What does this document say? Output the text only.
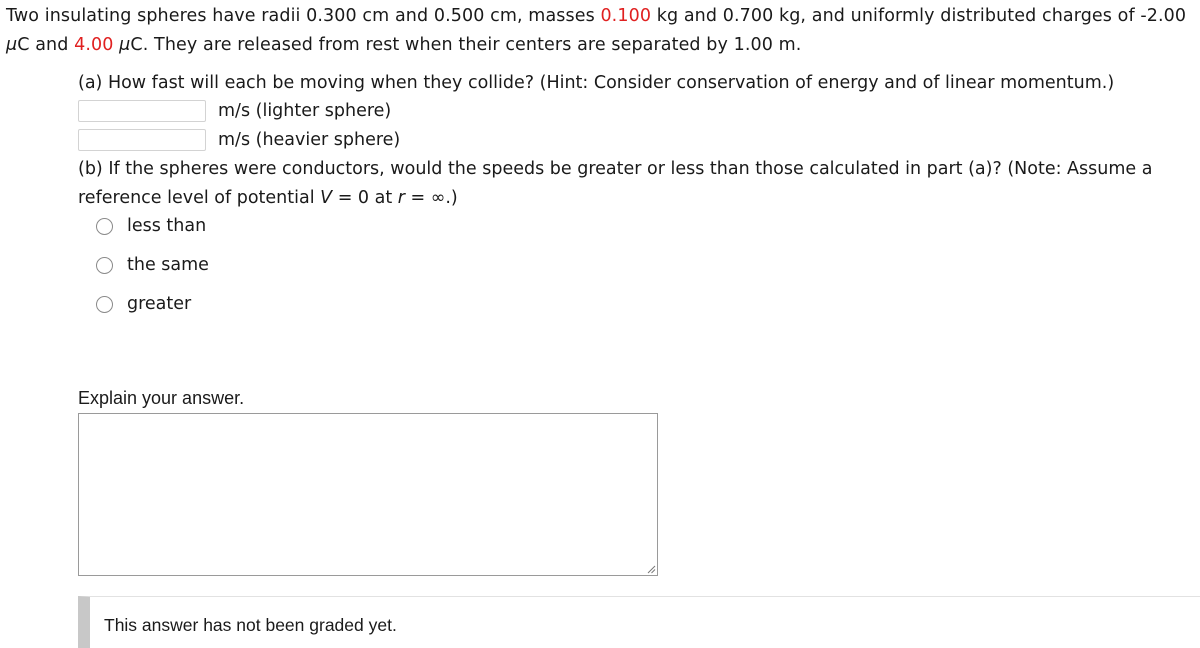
Two insulating spheres have radii 0.300 cm and 0.500 cm, masses 0.100 kg and 0.700 kg, and uniformly distributed charges of -2.00 μC and 4.00 μC. They are released from rest when their centers are separated by 1.00 m.
(a) How fast will each be moving when they collide? (Hint: Consider conservation of energy and of linear momentum.)
m/s (lighter sphere)
m/s (heavier sphere)
(b) If the spheres were conductors, would the speeds be greater or less than those calculated in part (a)? (Note: Assume a reference level of potential V = 0 at r = ∞.)
less than
the same
greater
Explain your answer.
This answer has not been graded yet.
